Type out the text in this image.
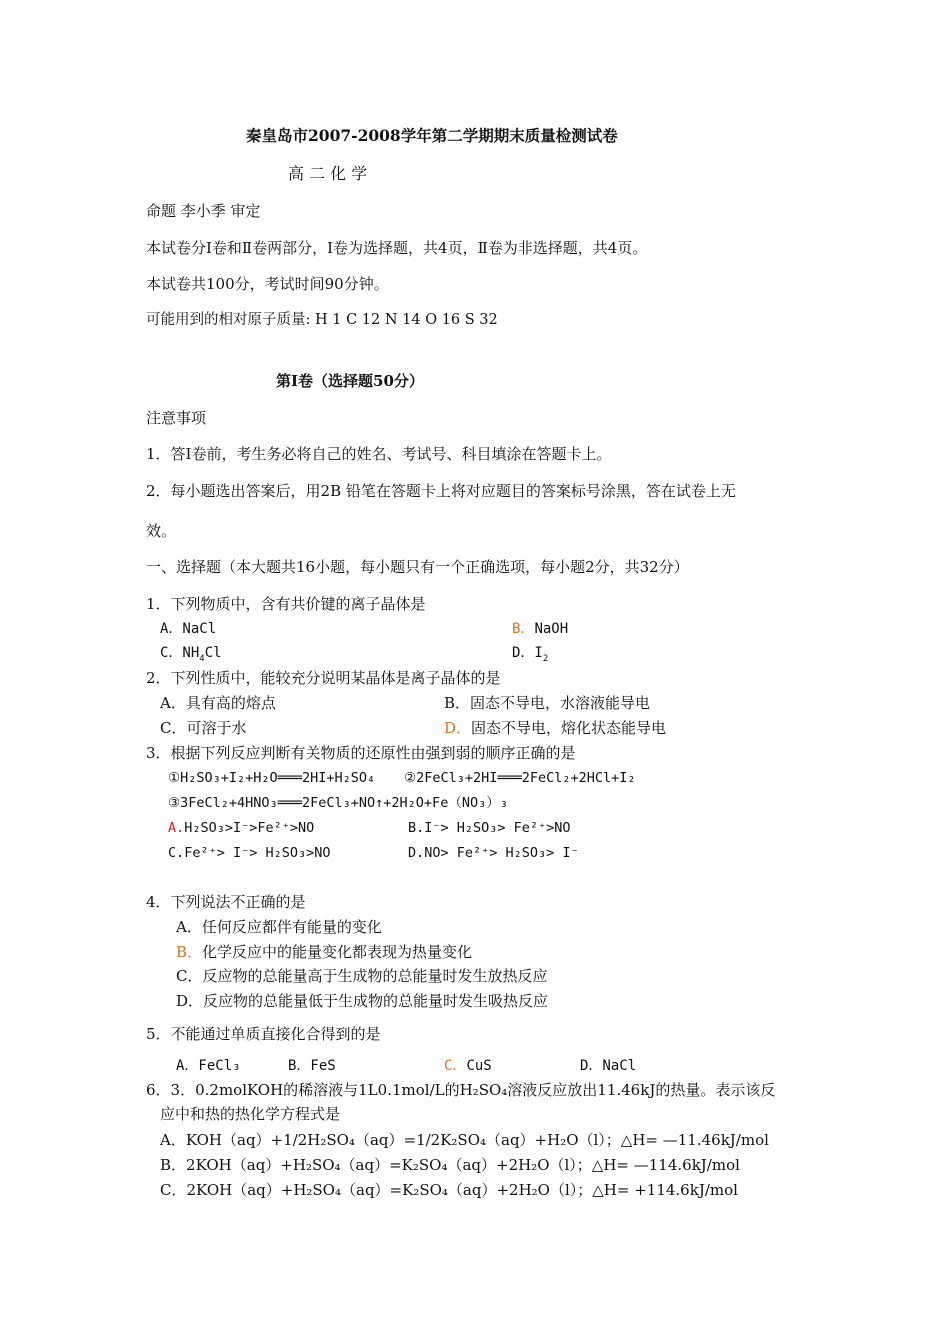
秦皇岛市2007-2008学年第二学期期末质量检测试卷
高 二 化 学
命题 李小季 审定
本试卷分Ⅰ卷和Ⅱ卷两部分，Ⅰ卷为选择题，共4页，Ⅱ卷为非选择题，共4页。
本试卷共100分，考试时间90分钟。
可能用到的相对原子质量: H 1 C 12 N 14 O 16 S 32
第Ⅰ卷（选择题50分）
注意事项
1．答Ⅰ卷前，考生务必将自己的姓名、考试号、科目填涂在答题卡上。
2．每小题选出答案后，用2B 铅笔在答题卡上将对应题目的答案标号涂黑，答在试卷上无
效。
一、选择题（本大题共16小题，每小题只有一个正确选项，每小题2分，共32分）
1．下列物质中，含有共价键的离子晶体是
A．NaCl	B．NaOH
C．$NH_4Cl$	D．$I_2$
2．下列性质中，能较充分说明某晶体是离子晶体的是
A．具有高的熔点	B．固态不导电，水溶液能导电
C．可溶于水	D．固态不导电，熔化状态能导电
3．根据下列反应判断有关物质的还原性由强到弱的顺序正确的是
①H₂SO₃+I₂+H₂O═══2HI+H₂SO₄ ②2FeCl₃+2HI═══2FeCl₂+2HCl+I₂
③3FeCl₂+4HNO₃═══2FeCl₃+NO↑+2H₂O+Fe（NO₃）₃
A.H₂SO₃>I⁻>Fe²⁺>NO	B.I⁻> H₂SO₃> Fe²⁺>NO
C.Fe²⁺> I⁻> H₂SO₃>NO	D.NO> Fe²⁺> H₂SO₃> I⁻
4．下列说法不正确的是
A．任何反应都伴有能量的变化
B．化学反应中的能量变化都表现为热量变化
C．反应物的总能量高于生成物的总能量时发生放热反应
D．反应物的总能量低于生成物的总能量时发生吸热反应
5．不能通过单质直接化合得到的是
A．FeCl₃	B．FeS	C．CuS	D．NaCl
6．3．0.2molKOH的稀溶液与1L0.1mol/L的H₂SO₄溶液反应放出11.46kJ的热量。表示该反
应中和热的热化学方程式是
A．KOH（aq）+1/2H₂SO₄（aq）=1/2K₂SO₄（aq）+H₂O（l）；△H= —11.46kJ/mol
B．2KOH（aq）+H₂SO₄（aq）=K₂SO₄（aq）+2H₂O（l）；△H= —114.6kJ/mol
C．2KOH（aq）+H₂SO₄（aq）=K₂SO₄（aq）+2H₂O（l）；△H= +114.6kJ/mol
